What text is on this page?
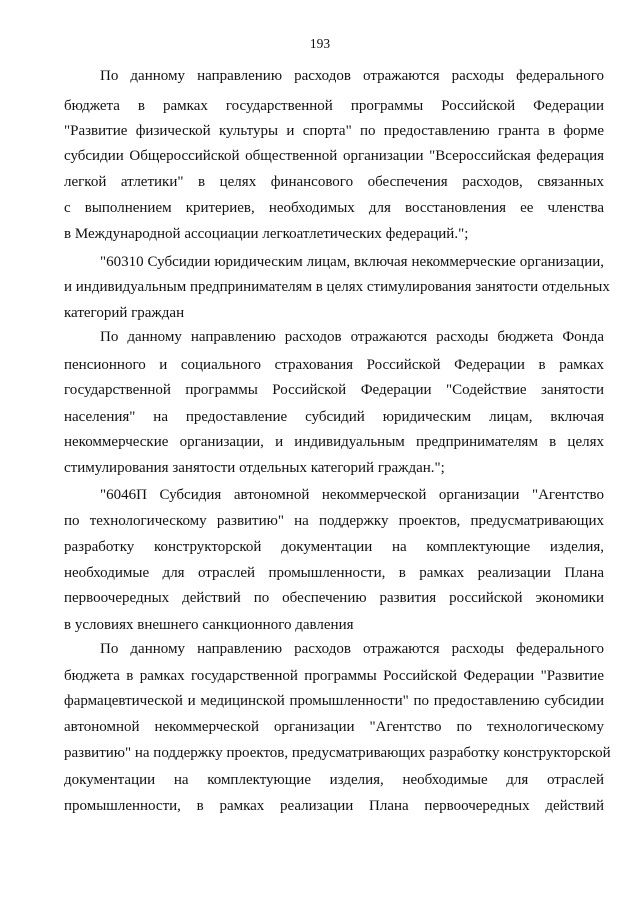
193
По данному направлению расходов отражаются расходы федерального
бюджета в рамках государственной программы Российской Федерации
"Развитие физической культуры и спорта" по предоставлению гранта в форме
субсидии Общероссийской общественной организации "Всероссийская федерация
легкой атлетики" в целях финансового обеспечения расходов, связанных
с выполнением критериев, необходимых для восстановления ее членства
в Международной ассоциации легкоатлетических федераций.";
"60310 Субсидии юридическим лицам, включая некоммерческие организации,
и индивидуальным предпринимателям в целях стимулирования занятости отдельных
категорий граждан
По данному направлению расходов отражаются расходы бюджета Фонда
пенсионного и социального страхования Российской Федерации в рамках
государственной программы Российской Федерации "Содействие занятости
населения" на предоставление субсидий юридическим лицам, включая
некоммерческие организации, и индивидуальным предпринимателям в целях
стимулирования занятости отдельных категорий граждан.";
"6046П Субсидия автономной некоммерческой организации "Агентство
по технологическому развитию" на поддержку проектов, предусматривающих
разработку конструкторской документации на комплектующие изделия,
необходимые для отраслей промышленности, в рамках реализации Плана
первоочередных действий по обеспечению развития российской экономики
в условиях внешнего санкционного давления
По данному направлению расходов отражаются расходы федерального
бюджета в рамках государственной программы Российской Федерации "Развитие
фармацевтической и медицинской промышленности" по предоставлению субсидии
автономной некоммерческой организации "Агентство по технологическому
развитию" на поддержку проектов, предусматривающих разработку конструкторской
документации на комплектующие изделия, необходимые для отраслей
промышленности, в рамках реализации Плана первоочередных действий
